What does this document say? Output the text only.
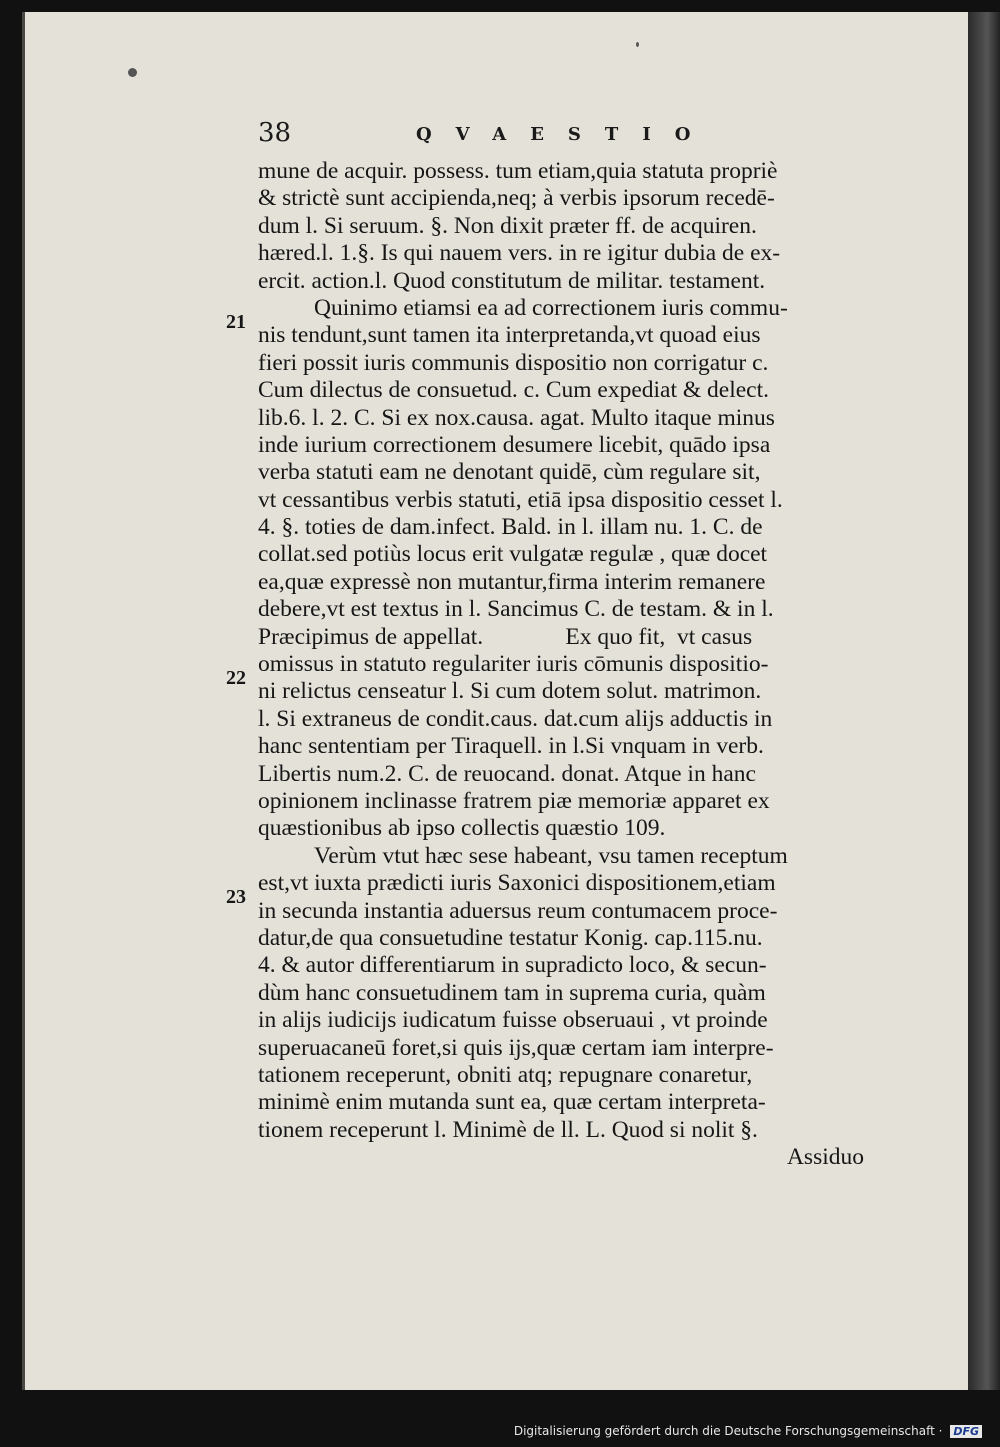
38	QVAESTIO
21
22
23
mune de acquir. possess. tum etiam,quia statuta propriè
& strictè sunt accipienda,neq; à verbis ipsorum recedē-
dum l. Si seruum. §. Non dixit præter ff. de acquiren.
hæred.l. 1.§. Is qui nauem vers. in re igitur dubia de ex-
ercit. action.l. Quod constitutum de militar. testament.
Quinimo etiamsi ea ad correctionem iuris commu-
nis tendunt,sunt tamen ita interpretanda,vt quoad eius
fieri possit iuris communis dispositio non corrigatur c.
Cum dilectus de consuetud. c. Cum expediat & delect.
lib.6. l. 2. C. Si ex nox.causa. agat. Multo itaque minus
inde iurium correctionem desumere licebit, quādo ipsa
verba statuti eam ne denotant quidē, cùm regulare sit,
vt cessantibus verbis statuti, etiā ipsa dispositio cesset l.
4. §. toties de dam.infect. Bald. in l. illam nu. 1. C. de
collat.sed potiùs locus erit vulgatæ regulæ , quæ docet
ea,quæ expressè non mutantur,firma interim remanere
debere,vt est textus in l. Sancimus C. de testam. & in l.
Præcipimus de appellat.              Ex quo fit,  vt casus
omissus in statuto regulariter iuris cōmunis dispositio-
ni relictus censeatur l. Si cum dotem solut. matrimon.
l. Si extraneus de condit.caus. dat.cum alijs adductis in
hanc sententiam per Tiraquell. in l.Si vnquam in verb.
Libertis num.2. C. de reuocand. donat. Atque in hanc
opinionem inclinasse fratrem piæ memoriæ apparet ex
quæstionibus ab ipso collectis quæstio 109.
Verùm vtut hæc sese habeant, vsu tamen receptum
est,vt iuxta prædicti iuris Saxonici dispositionem,etiam
in secunda instantia aduersus reum contumacem proce-
datur,de qua consuetudine testatur Konig. cap.115.nu.
4. & autor differentiarum in supradicto loco, & secun-
dùm hanc consuetudinem tam in suprema curia, quàm
in alijs iudicijs iudicatum fuisse obseruaui , vt proinde
superuacaneū foret,si quis ijs,quæ certam iam interpre-
tationem receperunt, obniti atq; repugnare conaretur,
minimè enim mutanda sunt ea, quæ certam interpreta-
tionem receperunt l. Minimè de ll. L. Quod si nolit §.
Assiduo
Digitalisierung gefördert durch die Deutsche Forschungsgemeinschaft · DFG
